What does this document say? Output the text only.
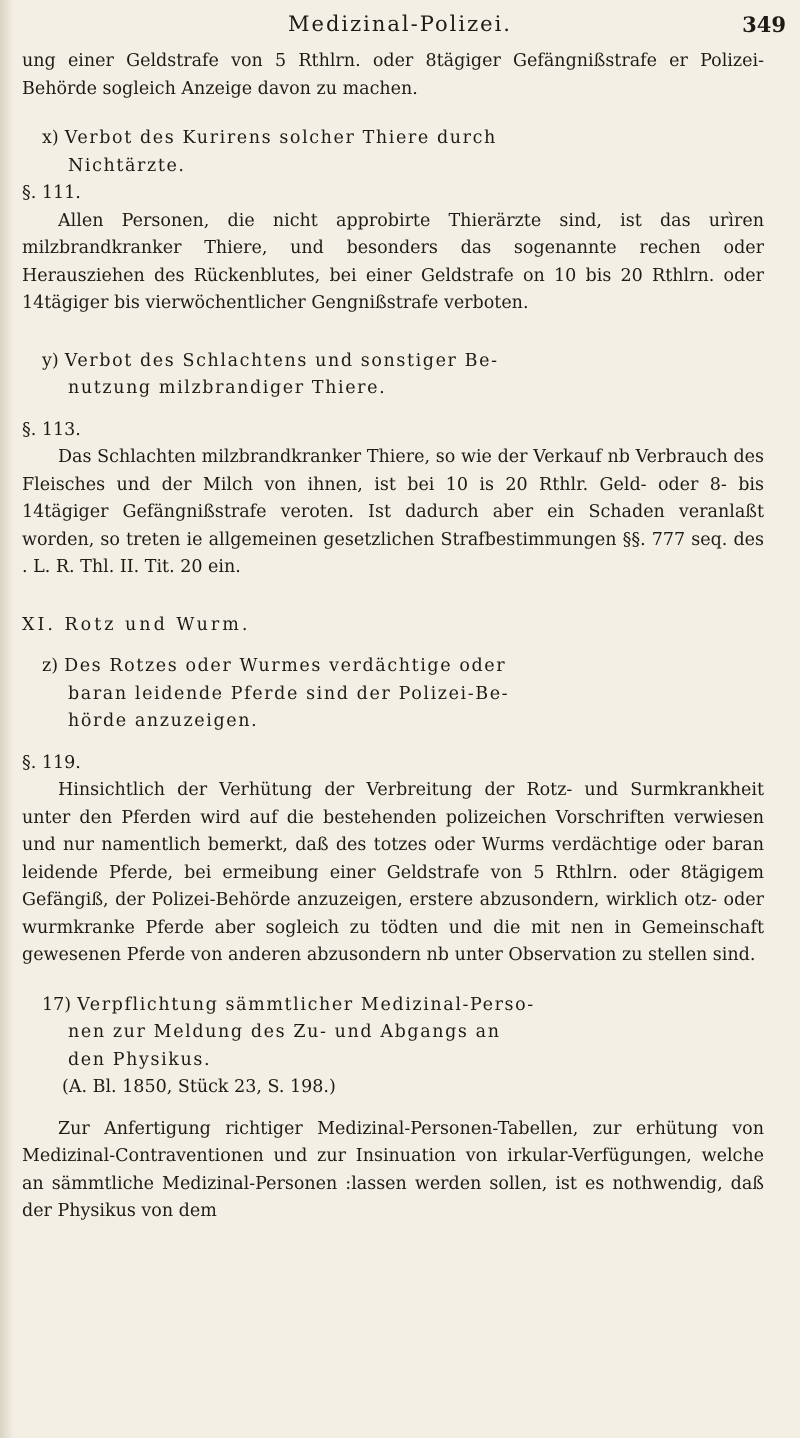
Medizinal-Polizei.	349

ung einer Geldstrafe von 5 Rthlrn. oder 8tägiger Gefängnißstrafe er Polizei-Behörde sogleich Anzeige davon zu machen.

x) Verbot des Kurirens solcher Thiere durch
Nichtärzte.

§. 111.

Allen Personen, die nicht approbirte Thierärzte sind, ist das urìren milzbrandkranker Thiere, und besonders das sogenannte rechen oder Herausziehen des Rückenblutes, bei einer Geldstrafe on 10 bis 20 Rthlrn. oder 14tägiger bis vierwöchentlicher Gengnißstrafe verboten.

y) Verbot des Schlachtens und sonstiger Be-
nutzung milzbrandiger Thiere.

§. 113.

Das Schlachten milzbrandkranker Thiere, so wie der Verkauf nb Verbrauch des Fleisches und der Milch von ihnen, ist bei 10 is 20 Rthlr. Geld- oder 8- bis 14tägiger Gefängnißstrafe veroten. Ist dadurch aber ein Schaden veranlaßt worden, so treten ie allgemeinen gesetzlichen Strafbestimmungen §§. 777 seq. des . L. R. Thl. II. Tit. 20 ein.

XI. Rotz und Wurm.

z) Des Rotzes oder Wurmes verdächtige oder
baran leidende Pferde sind der Polizei-Be-
hörde anzuzeigen.

§. 119.

Hinsichtlich der Verhütung der Verbreitung der Rotz- und Surmkrankheit unter den Pferden wird auf die bestehenden polizeichen Vorschriften verwiesen und nur namentlich bemerkt, daß des totzes oder Wurms verdächtige oder baran leidende Pferde, bei ermeibung einer Geldstrafe von 5 Rthlrn. oder 8tägigem Gefängiß, der Polizei-Behörde anzuzeigen, erstere abzusondern, wirklich otz- oder wurmkranke Pferde aber sogleich zu tödten und die mit nen in Gemeinschaft gewesenen Pferde von anderen abzusondern nb unter Observation zu stellen sind.

17) Verpflichtung sämmtlicher Medizinal-Perso-
nen zur Meldung des Zu- und Abgangs an
den Physikus.

(A. Bl. 1850, Stück 23, S. 198.)

Zur Anfertigung richtiger Medizinal-Personen-Tabellen, zur erhütung von Medizinal-Contraventionen und zur Insinuation von irkular-Verfügungen, welche an sämmtliche Medizinal-Personen :lassen werden sollen, ist es nothwendig, daß der Physikus von dem
